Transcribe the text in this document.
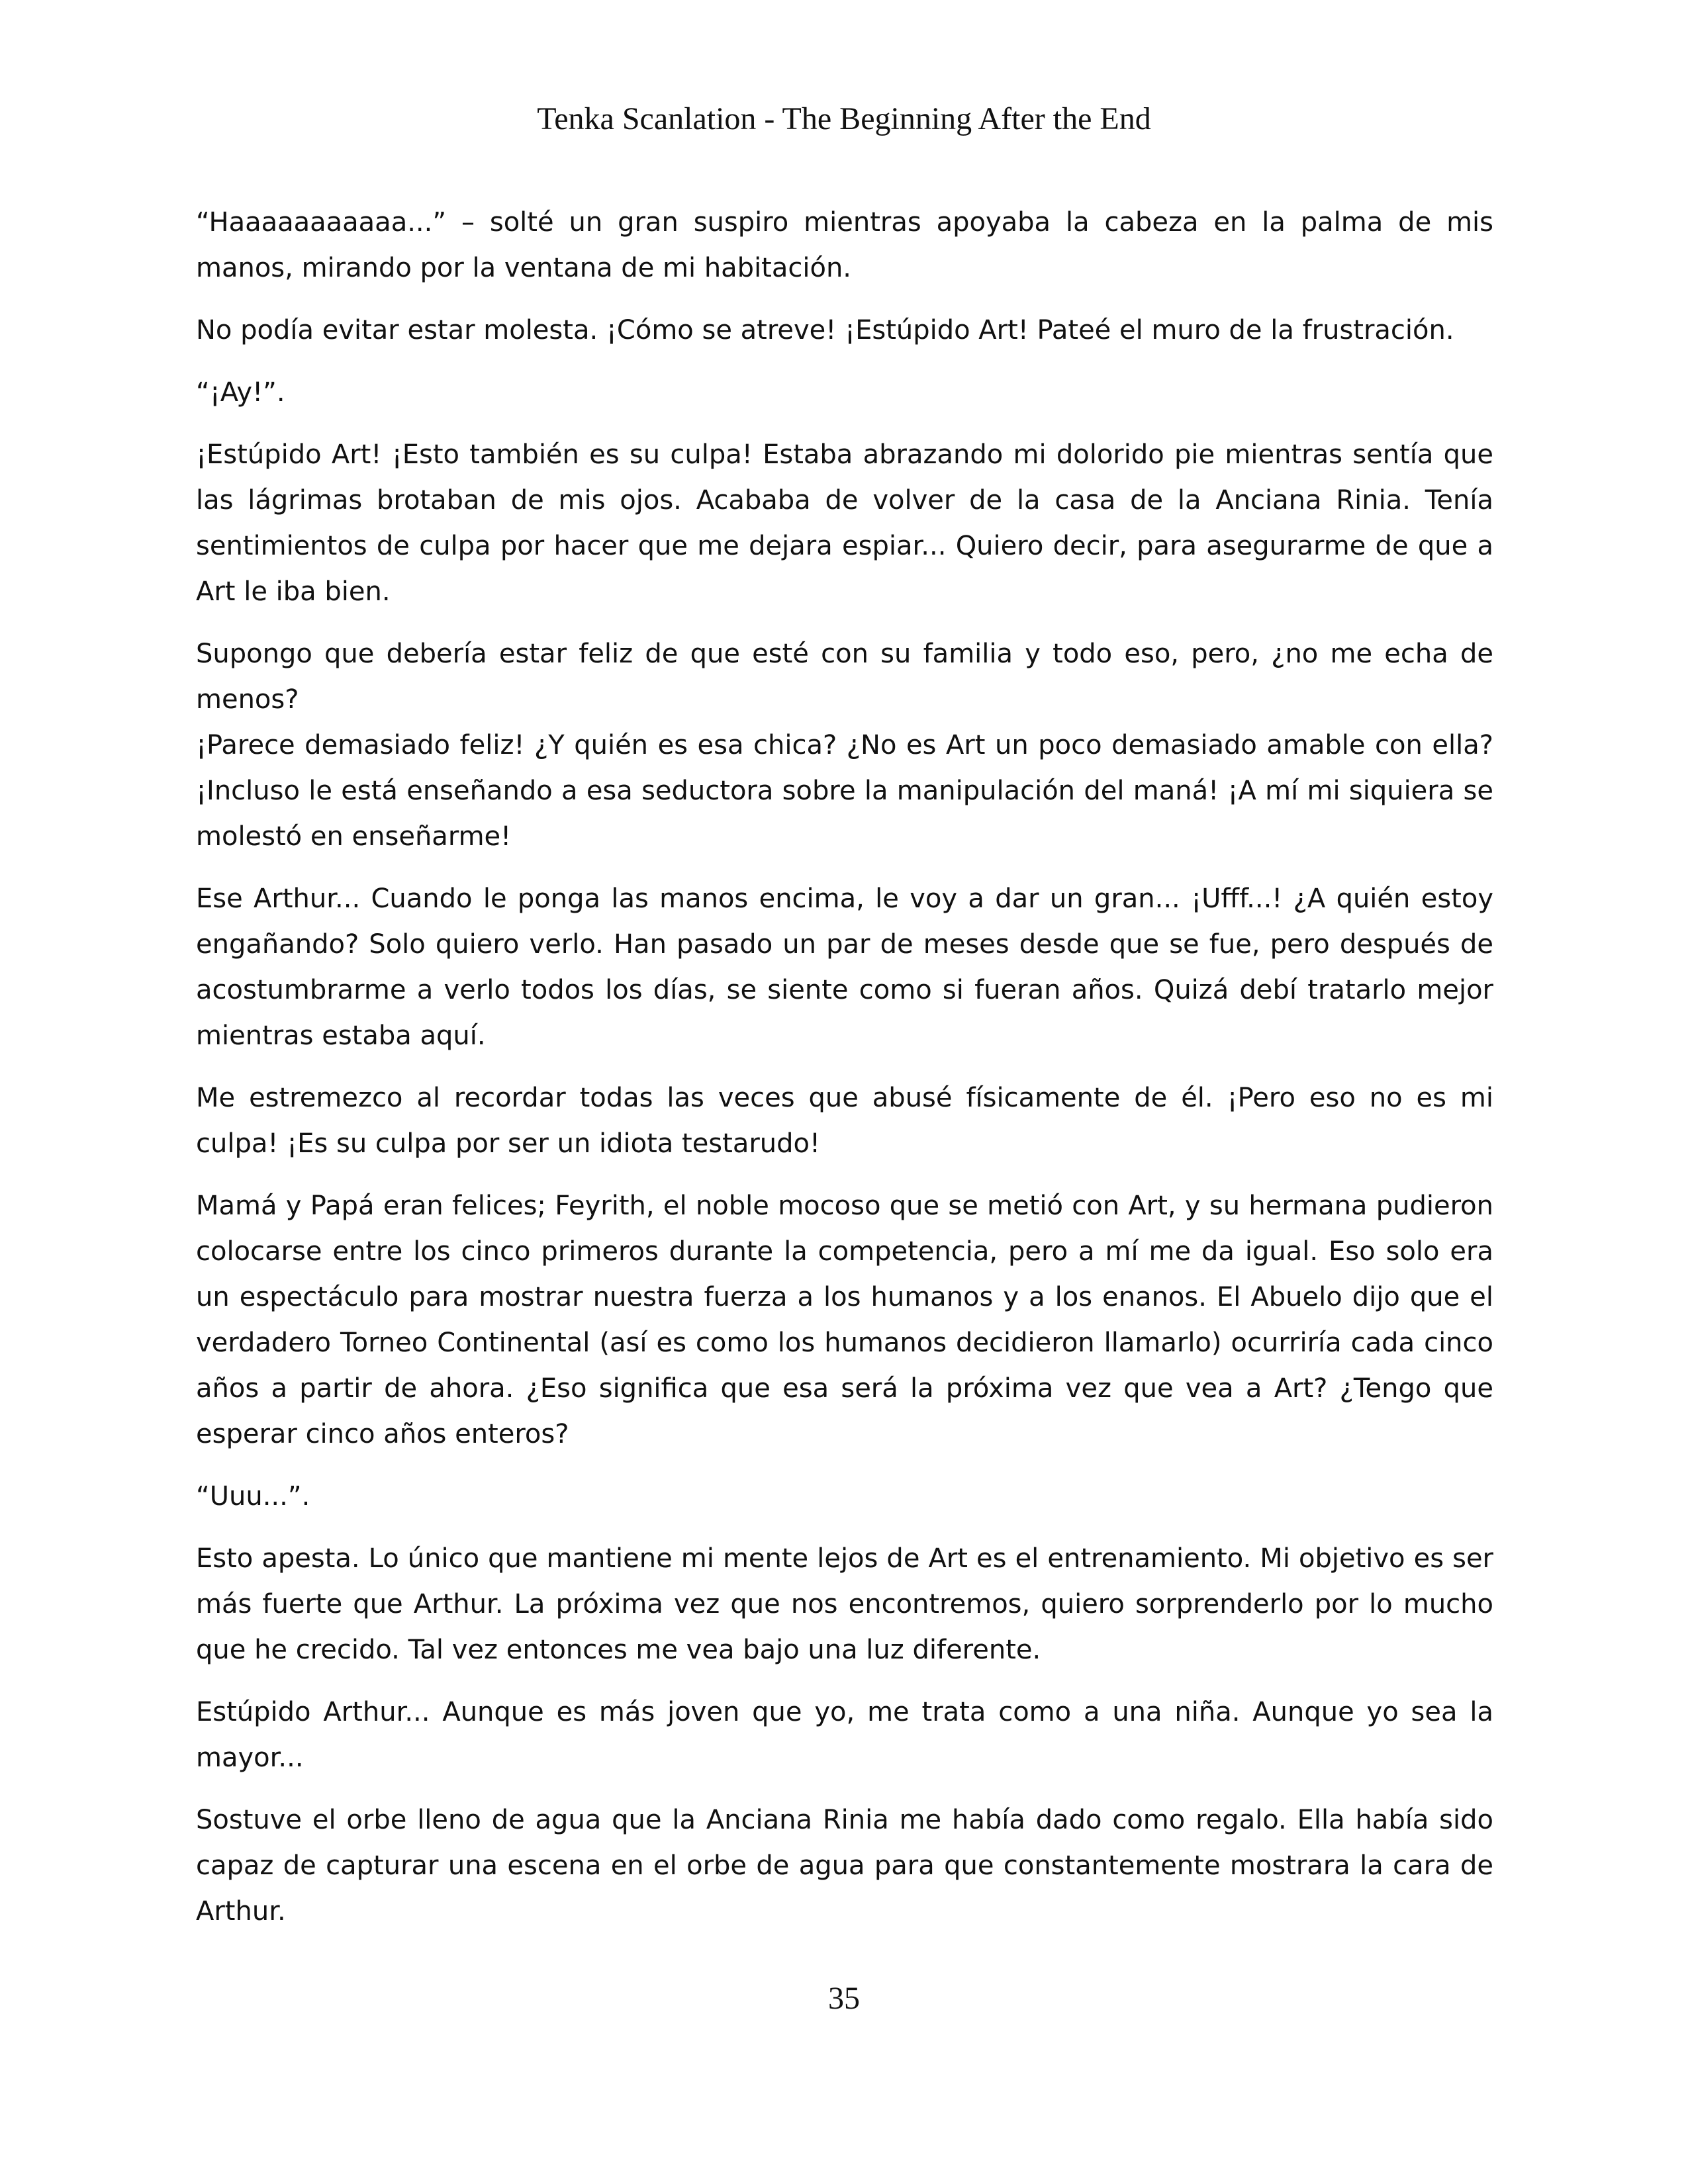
Tenka Scanlation - The Beginning After the End

“Haaaaaaaaaaa...” – solté un gran suspiro mientras apoyaba la cabeza en la palma de mis manos, mirando por la ventana de mi habitación.

No podía evitar estar molesta. ¡Cómo se atreve! ¡Estúpido Art! Pateé el muro de la frustración.

“¡Ay!”.

¡Estúpido Art! ¡Esto también es su culpa! Estaba abrazando mi dolorido pie mientras sentía que las lágrimas brotaban de mis ojos. Acababa de volver de la casa de la Anciana Rinia. Tenía sentimientos de culpa por hacer que me dejara espiar... Quiero decir, para asegurarme de que a Art le iba bien.

Supongo que debería estar feliz de que esté con su familia y todo eso, pero, ¿no me echa de menos?

¡Parece demasiado feliz! ¿Y quién es esa chica? ¿No es Art un poco demasiado amable con ella? ¡Incluso le está enseñando a esa seductora sobre la manipulación del maná! ¡A mí mi siquiera se molestó en enseñarme!

Ese Arthur... Cuando le ponga las manos encima, le voy a dar un gran... ¡Ufff...! ¿A quién estoy engañando? Solo quiero verlo. Han pasado un par de meses desde que se fue, pero después de acostumbrarme a verlo todos los días, se siente como si fueran años. Quizá debí tratarlo mejor mientras estaba aquí.

Me estremezco al recordar todas las veces que abusé físicamente de él. ¡Pero eso no es mi culpa! ¡Es su culpa por ser un idiota testarudo!

Mamá y Papá eran felices; Feyrith, el noble mocoso que se metió con Art, y su hermana pudieron colocarse entre los cinco primeros durante la competencia, pero a mí me da igual. Eso solo era un espectáculo para mostrar nuestra fuerza a los humanos y a los enanos. El Abuelo dijo que el verdadero Torneo Continental (así es como los humanos decidieron llamarlo) ocurriría cada cinco años a partir de ahora. ¿Eso significa que esa será la próxima vez que vea a Art? ¿Tengo que esperar cinco años enteros?

“Uuu...”.

Esto apesta. Lo único que mantiene mi mente lejos de Art es el entrenamiento. Mi objetivo es ser más fuerte que Arthur. La próxima vez que nos encontremos, quiero sorprenderlo por lo mucho que he crecido. Tal vez entonces me vea bajo una luz diferente.

Estúpido Arthur... Aunque es más joven que yo, me trata como a una niña. Aunque yo sea la mayor...

Sostuve el orbe lleno de agua que la Anciana Rinia me había dado como regalo. Ella había sido capaz de capturar una escena en el orbe de agua para que constantemente mostrara la cara de Arthur.

35
